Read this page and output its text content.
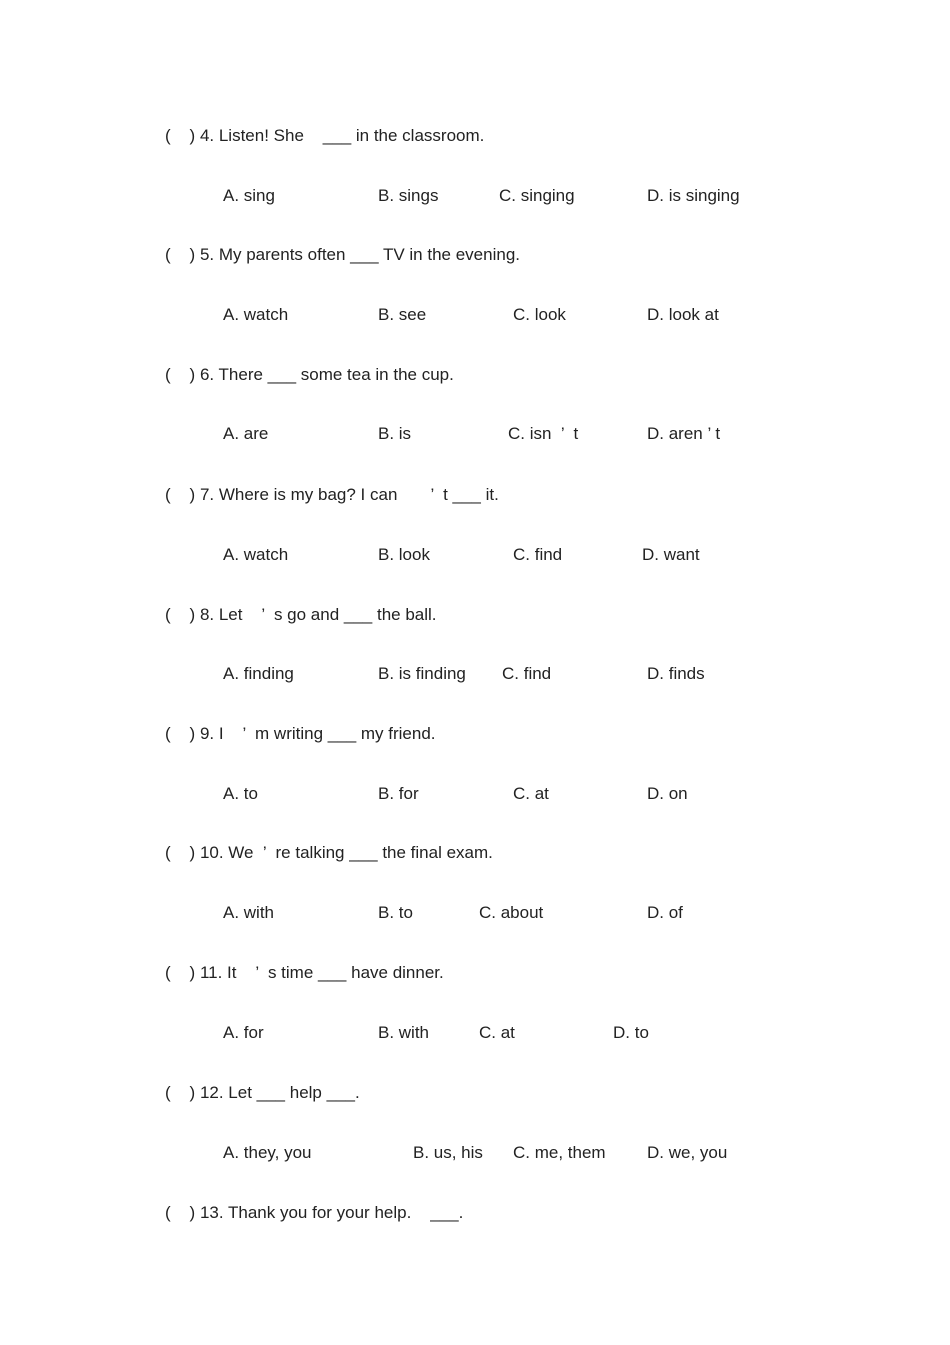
(    ) 4. Listen! She    ___ in the classroom.
A. sing	B. sings	C. singing	D. is singing
(    ) 5. My parents often ___ TV in the evening.
A. watch	B. see	C. look	D. look at
(    ) 6. There ___ some tea in the cup.
A. are	B. is	C. isn  ’  t	D. aren ’ t
(    ) 7. Where is my bag? I can       ’  t ___ it.
A. watch	B. look	C. find	D. want
(    ) 8. Let    ’  s go and ___ the ball.
A. finding	B. is finding C. find	D. finds
(    ) 9. I    ’  m writing ___ my friend.
A. to	B. for	C. at	D. on
(    ) 10. We  ’  re talking ___ the final exam.
A. with	B. to	C. about	D. of
(    ) 11. It    ’  s time ___ have dinner.
A. for	B. with	C. at	D. to
(    ) 12. Let ___ help ___.
A. they, you	B. us, his C. me, them D. we, you
(    ) 13. Thank you for your help.    ___.
